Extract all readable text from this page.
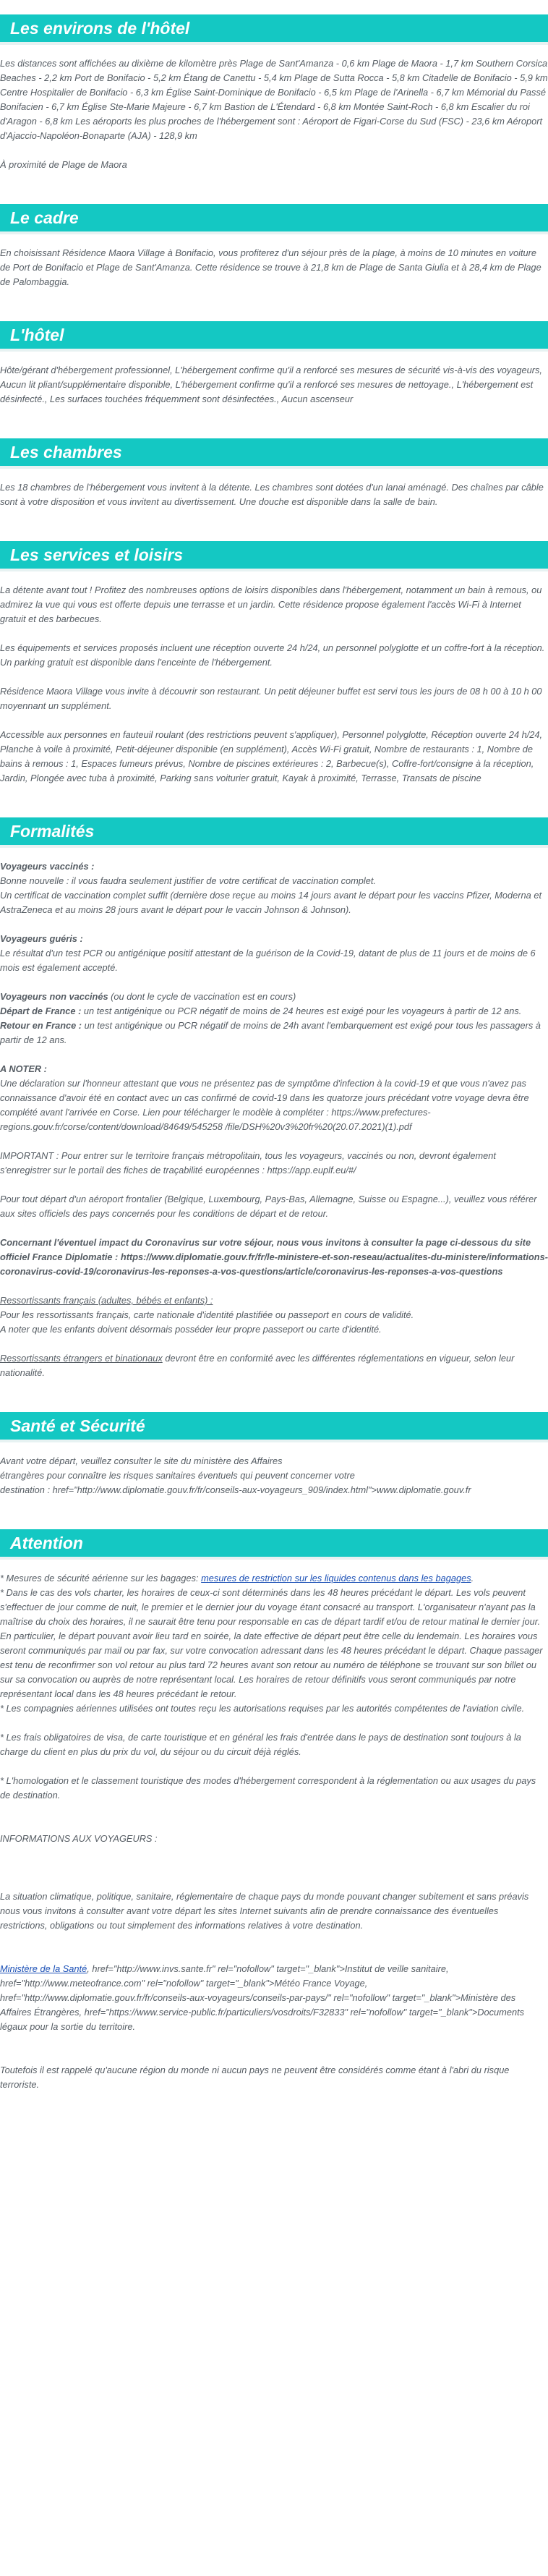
Les environs de l'hôtel

Les distances sont affichées au dixième de kilomètre près Plage de Sant'Amanza - 0,6 km Plage de Maora - 1,7 km Southern Corsica Beaches - 2,2 km Port de Bonifacio - 5,2 km Étang de Canettu - 5,4 km Plage de Sutta Rocca - 5,8 km Citadelle de Bonifacio - 5,9 km Centre Hospitalier de Bonifacio - 6,3 km Église Saint-Dominique de Bonifacio - 6,5 km Plage de l'Arinella - 6,7 km Mémorial du Passé Bonifacien - 6,7 km Église Ste-Marie Majeure - 6,7 km Bastion de L'Étendard - 6,8 km Montée Saint-Roch - 6,8 km Escalier du roi d'Aragon - 6,8 km Les aéroports les plus proches de l'hébergement sont : Aéroport de Figari-Corse du Sud (FSC) - 23,6 km Aéroport d'Ajaccio-Napoléon-Bonaparte (AJA) - 128,9 km

À proximité de Plage de Maora

Le cadre

En choisissant Résidence Maora Village à Bonifacio, vous profiterez d'un séjour près de la plage, à moins de 10 minutes en voiture de Port de Bonifacio et Plage de Sant'Amanza. Cette résidence se trouve à 21,8 km de Plage de Santa Giulia et à 28,4 km de Plage de Palombaggia.

L'hôtel

Hôte/gérant d'hébergement professionnel, L'hébergement confirme qu'il a renforcé ses mesures de sécurité vis-à-vis des voyageurs, Aucun lit pliant/supplémentaire disponible, L'hébergement confirme qu'il a renforcé ses mesures de nettoyage., L'hébergement est désinfecté., Les surfaces touchées fréquemment sont désinfectées., Aucun ascenseur

Les chambres

Les 18 chambres de l'hébergement vous invitent à la détente. Les chambres sont dotées d'un lanai aménagé. Des chaînes par câble sont à votre disposition et vous invitent au divertissement. Une douche est disponible dans la salle de bain.

Les services et loisirs

La détente avant tout ! Profitez des nombreuses options de loisirs disponibles dans l'hébergement, notamment un bain à remous, ou admirez la vue qui vous est offerte depuis une terrasse et un jardin. Cette résidence propose également l'accès Wi-Fi à Internet gratuit et des barbecues.

Les équipements et services proposés incluent une réception ouverte 24 h/24, un personnel polyglotte et un coffre-fort à la réception. Un parking gratuit est disponible dans l'enceinte de l'hébergement.

Résidence Maora Village vous invite à découvrir son restaurant. Un petit déjeuner buffet est servi tous les jours de 08 h 00 à 10 h 00 moyennant un supplément.

Accessible aux personnes en fauteuil roulant (des restrictions peuvent s'appliquer), Personnel polyglotte, Réception ouverte 24 h/24, Planche à voile à proximité, Petit-déjeuner disponible (en supplément), Accès Wi-Fi gratuit, Nombre de restaurants : 1, Nombre de bains à remous : 1, Espaces fumeurs prévus, Nombre de piscines extérieures : 2, Barbecue(s), Coffre-fort/consigne à la réception, Jardin, Plongée avec tuba à proximité, Parking sans voiturier gratuit, Kayak à proximité, Terrasse, Transats de piscine

Formalités

Voyageurs vaccinés :

Bonne nouvelle : il vous faudra seulement justifier de votre certificat de vaccination complet.
Un certificat de vaccination complet suffit (dernière dose reçue au moins 14 jours avant le départ pour les vaccins Pfizer, Moderna et AstraZeneca et au moins 28 jours avant le départ pour le vaccin Johnson & Johnson).

Voyageurs guéris :

Le résultat d'un test PCR ou antigénique positif attestant de la guérison de la Covid-19, datant de plus de 11 jours et de moins de 6 mois est également accepté.

Voyageurs non vaccinés (ou dont le cycle de vaccination est en cours)

Départ de France : un test antigénique ou PCR négatif de moins de 24 heures est exigé pour les voyageurs à partir de 12 ans.

Retour en France : un test antigénique ou PCR négatif de moins de 24h avant l'embarquement est exigé pour tous les passagers à partir de 12 ans.

A NOTER :

Une déclaration sur l'honneur attestant que vous ne présentez pas de symptôme d'infection à la covid-19 et que vous n'avez pas connaissance d'avoir été en contact avec un cas confirmé de covid-19 dans les quatorze jours précédant votre voyage devra être complété avant l'arrivée en Corse. Lien pour télécharger le modèle à compléter : https://www.prefectures-regions.gouv.fr/corse/content/download/84649/545258 /file/DSH%20v3%20fr%20(20.07.2021)(1).pdf

IMPORTANT : Pour entrer sur le territoire français métropolitain, tous les voyageurs, vaccinés ou non, devront également s'enregistrer sur le portail des fiches de traçabilité européennes : https://app.euplf.eu/#/

Pour tout départ d'un aéroport frontalier (Belgique, Luxembourg, Pays-Bas, Allemagne, Suisse ou Espagne...), veuillez vous référer aux sites officiels des pays concernés pour les conditions de départ et de retour.

Concernant l'éventuel impact du Coronavirus sur votre séjour, nous vous invitons à consulter la page ci-dessous du site officiel France Diplomatie : https://www.diplomatie.gouv.fr/fr/le-ministere-et-son-reseau/actualites-du-ministere/informations-coronavirus-covid-19/coronavirus-les-reponses-a-vos-questions/article/coronavirus-les-reponses-a-vos-questions

Ressortissants français (adultes, bébés et enfants) :

Pour les ressortissants français, carte nationale d'identité plastifiée ou passeport en cours de validité.
A noter que les enfants doivent désormais posséder leur propre passeport ou carte d'identité.

Ressortissants étrangers et binationaux devront être en conformité avec les différentes réglementations en vigueur, selon leur nationalité.

Santé et Sécurité

Avant votre départ, veuillez consulter le site du ministère des Affaires
étrangères pour connaître les risques sanitaires éventuels qui peuvent concerner votre
destination : href="http://www.diplomatie.gouv.fr/fr/conseils-aux-voyageurs_909/index.html">www.diplomatie.gouv.fr

Attention

* Mesures de sécurité aérienne sur les bagages: mesures de restriction sur les liquides contenus dans les bagages.

* Dans le cas des vols charter, les horaires de ceux-ci sont déterminés dans les 48 heures précédant le départ. Les vols peuvent s'effectuer de jour comme de nuit, le premier et le dernier jour du voyage étant consacré au transport. L'organisateur n'ayant pas la maîtrise du choix des horaires, il ne saurait être tenu pour responsable en cas de départ tardif et/ou de retour matinal le dernier jour. En particulier, le départ pouvant avoir lieu tard en soirée, la date effective de départ peut être celle du lendemain. Les horaires vous seront communiqués par mail ou par fax, sur votre convocation adressant dans les 48 heures précédant le départ. Chaque passager est tenu de reconfirmer son vol retour au plus tard 72 heures avant son retour au numéro de téléphone se trouvant sur son billet ou sur sa convocation ou auprès de notre représentant local. Les horaires de retour définitifs vous seront communiqués par notre représentant local dans les 48 heures précédant le retour.

* Les compagnies aériennes utilisées ont toutes reçu les autorisations requises par les autorités compétentes de l'aviation civile.

* Les frais obligatoires de visa, de carte touristique et en général les frais d'entrée dans le pays de destination sont toujours à la charge du client en plus du prix du vol, du séjour ou du circuit déjà réglés.

* L'homologation et le classement touristique des modes d'hébergement correspondent à la réglementation ou aux usages du pays de destination.

INFORMATIONS AUX VOYAGEURS :

La situation climatique, politique, sanitaire, réglementaire de chaque pays du monde pouvant changer subitement et sans préavis
nous vous invitons à consulter avant votre départ les sites Internet suivants afin de prendre connaissance des éventuelles restrictions, obligations ou tout simplement des informations relatives à votre destination.

Ministère de la Santé, href="http://www.invs.sante.fr" rel="nofollow" target="_blank">Institut de veille sanitaire, href="http://www.meteofrance.com" rel="nofollow" target="_blank">Météo France Voyage, href="http://www.diplomatie.gouv.fr/fr/conseils-aux-voyageurs/conseils-par-pays/" rel="nofollow" target="_blank">Ministère des Affaires Étrangères, href="https://www.service-public.fr/particuliers/vosdroits/F32833" rel="nofollow" target="_blank">Documents légaux pour la sortie du territoire.

Toutefois il est rappelé qu'aucune région du monde ni aucun pays ne peuvent être considérés comme étant à l'abri du risque terroriste.
